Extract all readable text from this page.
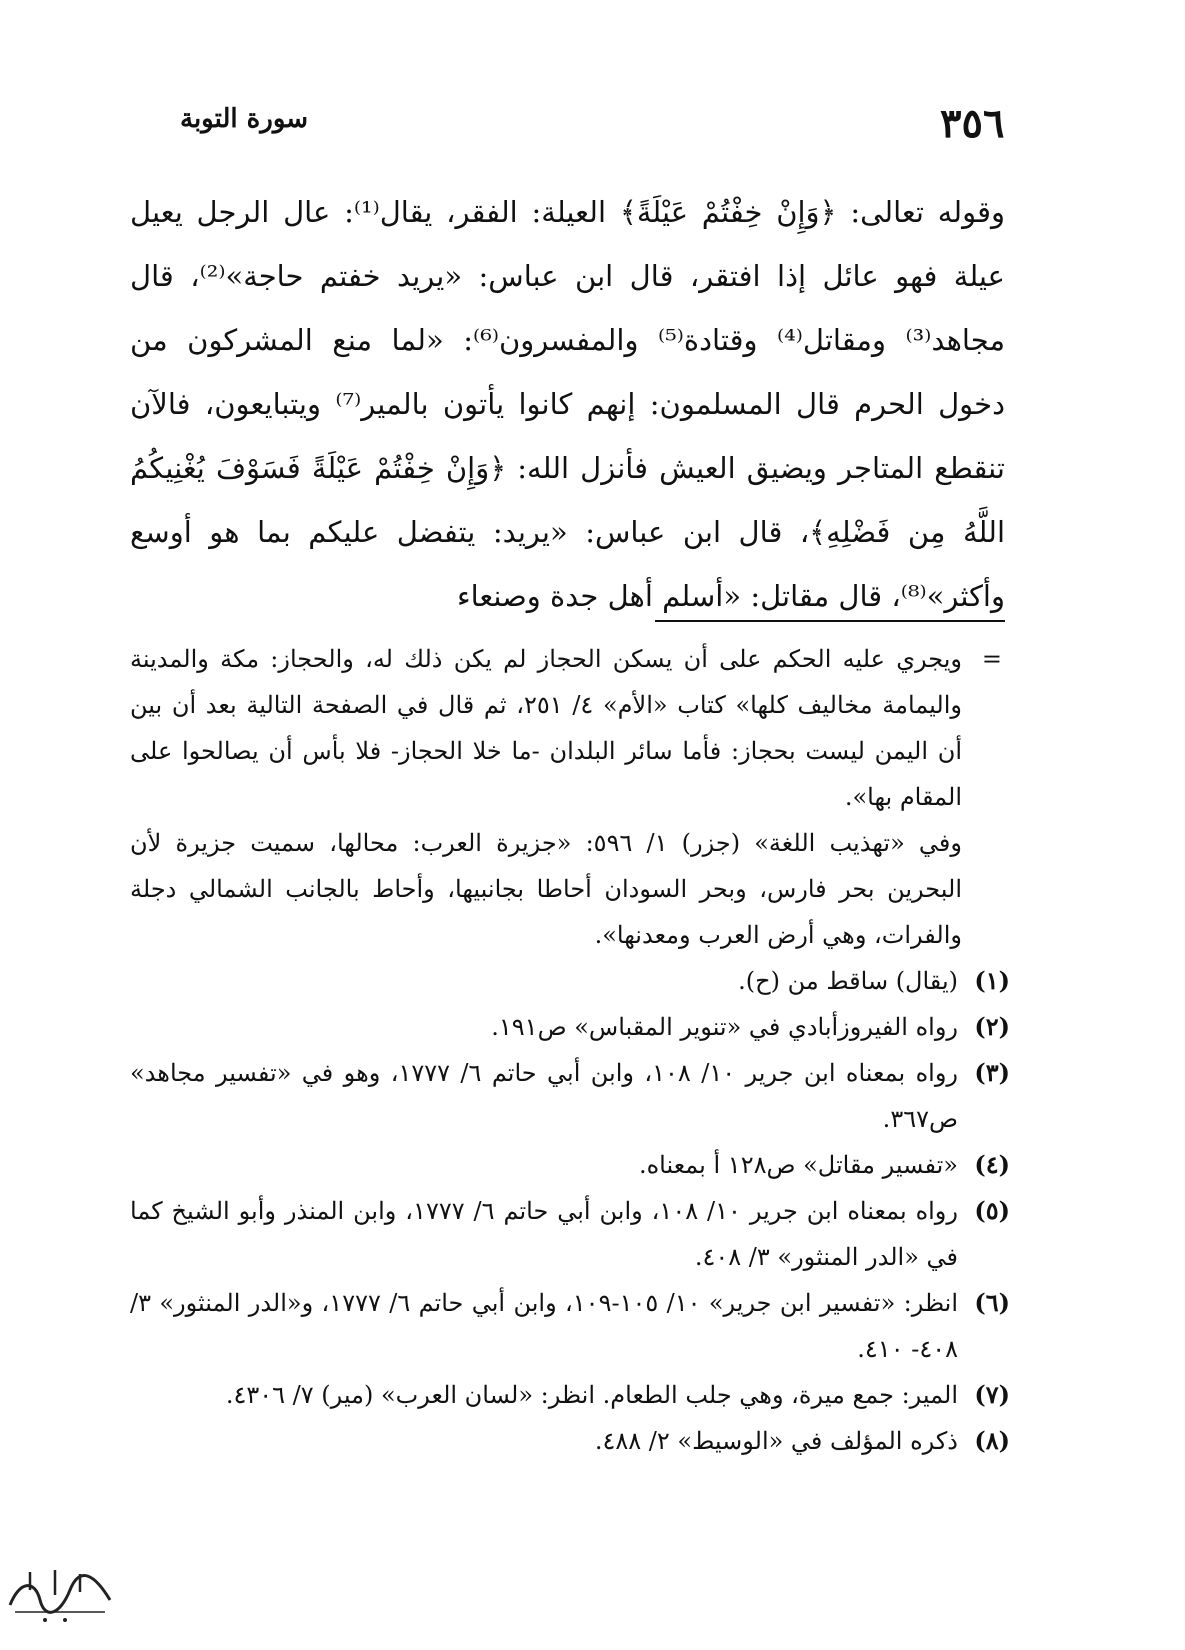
٣٥٦
سورة التوبة

وقوله تعالى: ﴿وَإِنْ خِفْتُمْ عَيْلَةً﴾ العيلة: الفقر، يقال⁽¹⁾: عال الرجل يعيل عيلة فهو عائل إذا افتقر، قال ابن عباس: «يريد خفتم حاجة»⁽²⁾، قال مجاهد⁽³⁾ ومقاتل⁽⁴⁾ وقتادة⁽⁵⁾ والمفسرون⁽⁶⁾: «لما منع المشركون من دخول الحرم قال المسلمون: إنهم كانوا يأتون بالمير⁽⁷⁾ ويتبايعون، فالآن تنقطع المتاجر ويضيق العيش فأنزل الله: ﴿وَإِنْ خِفْتُمْ عَيْلَةً فَسَوْفَ يُغْنِيكُمُ اللَّهُ مِن فَضْلِهِ﴾، قال ابن عباس: «يريد: يتفضل عليكم بما هو أوسع وأكثر»⁽⁸⁾، قال مقاتل: «أسلم أهل جدة وصنعاء

=
ويجري عليه الحكم على أن يسكن الحجاز لم يكن ذلك له، والحجاز: مكة والمدينة واليمامة مخاليف كلها» كتاب «الأم» ٤/ ٢٥١، ثم قال في الصفحة التالية بعد أن بين أن اليمن ليست بحجاز: فأما سائر البلدان -ما خلا الحجاز- فلا بأس أن يصالحوا على المقام بها».

وفي «تهذيب اللغة» (جزر) ١/ ٥٩٦: «جزيرة العرب: محالها، سميت جزيرة لأن البحرين بحر فارس، وبحر السودان أحاطا بجانبيها، وأحاط بالجانب الشمالي دجلة والفرات، وهي أرض العرب ومعدنها».

(١)
(يقال) ساقط من (ح).
(٢)
رواه الفيروزأبادي في «تنوير المقباس» ص١٩١.
(٣)
رواه بمعناه ابن جرير ١٠/ ١٠٨، وابن أبي حاتم ٦/ ١٧٧٧، وهو في «تفسير مجاهد» ص٣٦٧.
(٤)
«تفسير مقاتل» ص١٢٨ أ بمعناه.
(٥)
رواه بمعناه ابن جرير ١٠/ ١٠٨، وابن أبي حاتم ٦/ ١٧٧٧، وابن المنذر وأبو الشيخ كما في «الدر المنثور» ٣/ ٤٠٨.
(٦)
انظر: «تفسير ابن جرير» ١٠/ ١٠٥-١٠٩، وابن أبي حاتم ٦/ ١٧٧٧، و«الدر المنثور» ٣/ ٤٠٨- ٤١٠.
(٧)
المير: جمع ميرة، وهي جلب الطعام. انظر: «لسان العرب» (مير) ٧/ ٤٣٠٦.
(٨)
ذكره المؤلف في «الوسيط» ٢/ ٤٨٨.
